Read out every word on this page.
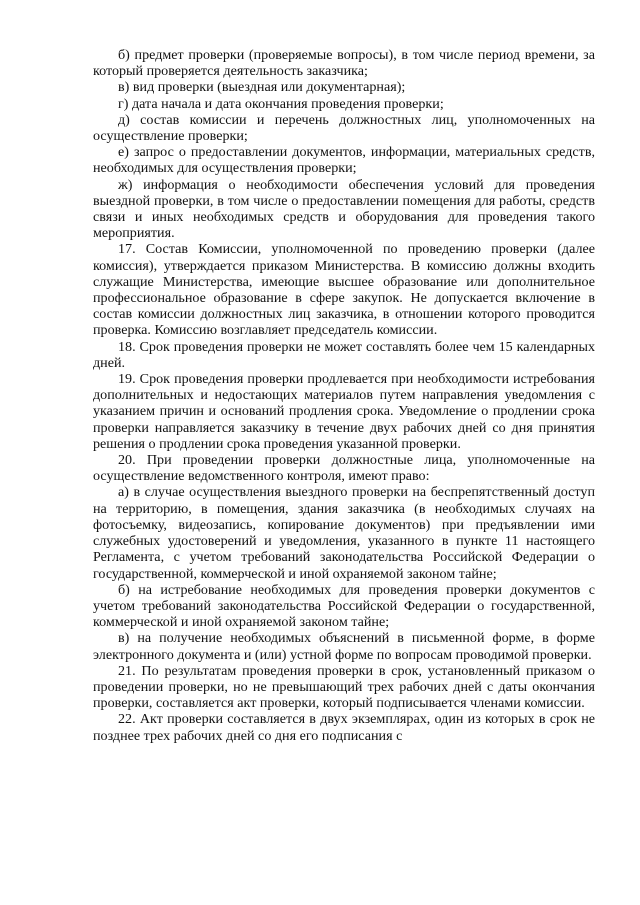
б) предмет проверки (проверяемые вопросы), в том числе период времени, за который проверяется деятельность заказчика;

в) вид проверки (выездная или документарная);

г) дата начала и дата окончания проведения проверки;

д) состав комиссии и перечень должностных лиц, уполномоченных на осуществление проверки;

е) запрос о предоставлении документов, информации, материальных средств, необходимых для осуществления проверки;

ж) информация о необходимости обеспечения условий для проведения выездной проверки, в том числе о предоставлении помещения для работы, средств связи и иных необходимых средств и оборудования для проведения такого мероприятия.

17. Состав Комиссии, уполномоченной по проведению проверки (далее комиссия), утверждается приказом Министерства. В комиссию должны входить служащие Министерства, имеющие высшее образование или дополнительное профессиональное образование в сфере закупок. Не допускается включение в состав комиссии должностных лиц заказчика, в отношении которого проводится проверка. Комиссию возглавляет председатель комиссии.

18. Срок проведения проверки не может составлять более чем 15 календарных дней.

19. Срок проведения проверки продлевается при необходимости истребования дополнительных и недостающих материалов путем направления уведомления с указанием причин и оснований продления срока. Уведомление о продлении срока проверки направляется заказчику в течение двух рабочих дней со дня принятия решения о продлении срока проведения указанной проверки.

20. При проведении проверки должностные лица, уполномоченные на осуществление ведомственного контроля, имеют право:

а) в случае осуществления выездного проверки на беспрепятственный доступ на территорию, в помещения, здания заказчика (в необходимых случаях на фотосъемку, видеозапись, копирование документов) при предъявлении ими служебных удостоверений и уведомления, указанного в пункте 11 настоящего Регламента, с учетом требований законодательства Российской Федерации о государственной, коммерческой и иной охраняемой законом тайне;

б) на истребование необходимых для проведения проверки документов с учетом требований законодательства Российской Федерации о государственной, коммерческой и иной охраняемой законом тайне;

в) на получение необходимых объяснений в письменной форме, в форме электронного документа и (или) устной форме по вопросам проводимой проверки.

21. По результатам проведения проверки в срок, установленный приказом о проведении проверки, но не превышающий трех рабочих дней с даты окончания проверки, составляется акт проверки, который подписывается членами комиссии.

22. Акт проверки составляется в двух экземплярах, один из которых в срок не позднее трех рабочих дней со дня его подписания с
